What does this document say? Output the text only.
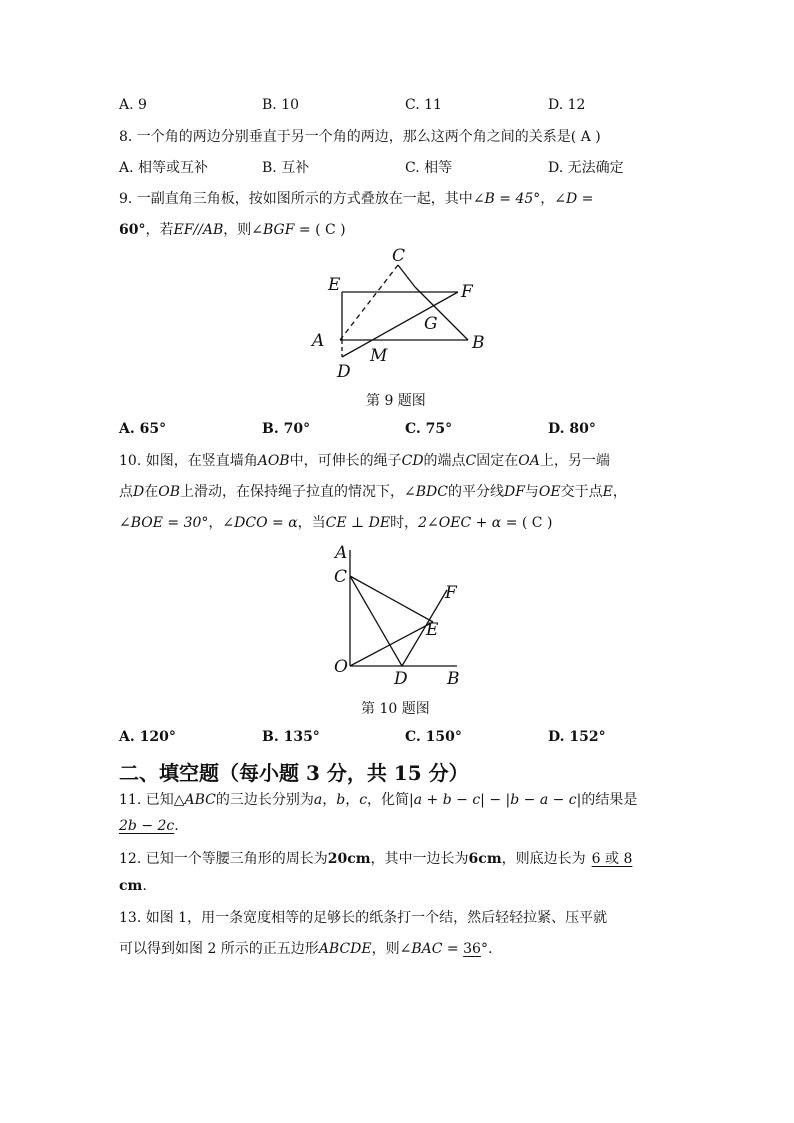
A. 9	B. 10	C. 11	D. 12
8. 一个角的两边分别垂直于另一个角的两边，那么这两个角之间的关系是( A )
A. 相等或互补	B. 互补	C. 相等	D. 无法确定
9. 一副直角三角板，按如图所示的方式叠放在一起，其中∠B = 45°，∠D =
60°，若EF//AB，则∠BGF = ( C )
C
E	F
G
A
M
B
D
第 9 题图
A. 65°	B. 70°	C. 75°	D. 80°
10. 如图，在竖直墙角AOB中，可伸长的绳子CD的端点C固定在OA上，另一端
点D在OB上滑动，在保持绳子拉直的情况下，∠BDC的平分线DF与OE交于点E，
∠BOE = 30°，∠DCO = α，当CE ⊥ DE时，2∠OEC + α = ( C )
A
C
F
E
O
D B
第 10 题图
A. 120°	B. 135°	C. 150°	D. 152°
二、填空题（每小题 3 分，共 15 分）
11. 已知△ABC的三边长分别为a，b，c，化简|a + b − c| − |b − a − c|的结果是
2b − 2c.
12. 已知一个等腰三角形的周长为20cm，其中一边长为6cm，则底边长为 6 或 8
cm.
13. 如图 1，用一条宽度相等的足够长的纸条打一个结，然后轻轻拉紧、压平就
可以得到如图 2 所示的正五边形ABCDE，则∠BAC = 36°.
